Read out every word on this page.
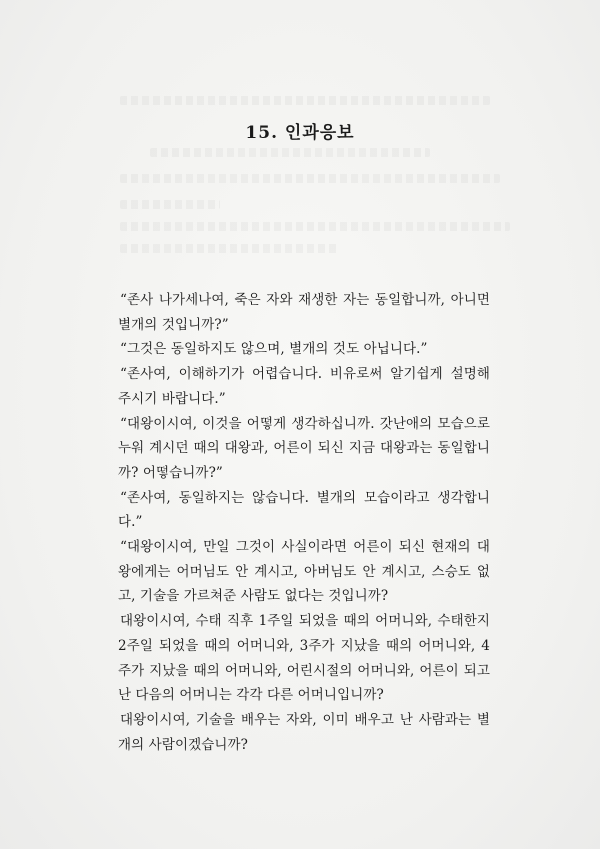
15. 인과응보

“존사 나가세나여, 죽은 자와 재생한 자는 동일합니까, 아니면 별개의 것입니까?”

“그것은 동일하지도 않으며, 별개의 것도 아닙니다.”

“존사여, 이해하기가 어렵습니다. 비유로써 알기쉽게 설명해 주시기 바랍니다.”

“대왕이시여, 이것을 어떻게 생각하십니까. 갓난애의 모습으로 누워 계시던 때의 대왕과, 어른이 되신 지금 대왕과는 동일합니까? 어떻습니까?”

“존사여, 동일하지는 않습니다. 별개의 모습이라고 생각합니다.”

“대왕이시여, 만일 그것이 사실이라면 어른이 되신 현재의 대왕에게는 어머님도 안 계시고, 아버님도 안 계시고, 스승도 없고, 기술을 가르쳐준 사람도 없다는 것입니까?

대왕이시여, 수태 직후 1주일 되었을 때의 어머니와, 수태한지 2주일 되었을 때의 어머니와, 3주가 지났을 때의 어머니와, 4주가 지났을 때의 어머니와, 어린시절의 어머니와, 어른이 되고 난 다음의 어머니는 각각 다른 어머니입니까?

대왕이시여, 기술을 배우는 자와, 이미 배우고 난 사람과는 별개의 사람이겠습니까?
